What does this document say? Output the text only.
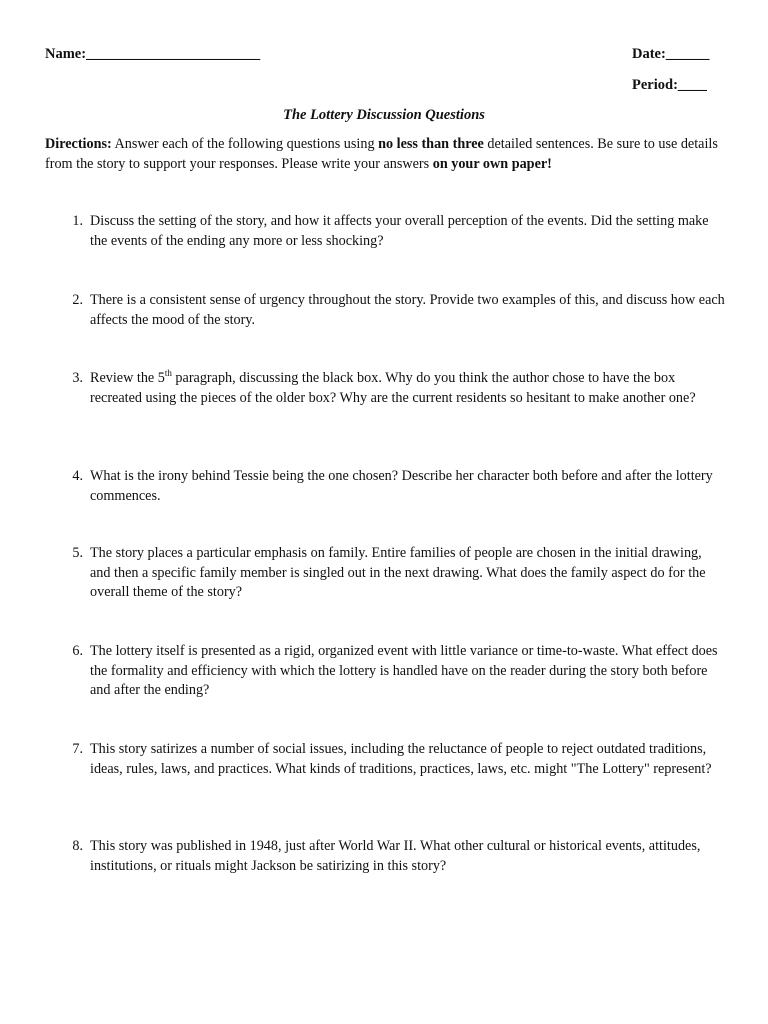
Name:________________________	Date:______
Period:____
The Lottery Discussion Questions
Directions: Answer each of the following questions using no less than three detailed sentences. Be sure to use details from the story to support your responses. Please write your answers on your own paper!
1. Discuss the setting of the story, and how it affects your overall perception of the events. Did the setting make the events of the ending any more or less shocking?
2. There is a consistent sense of urgency throughout the story. Provide two examples of this, and discuss how each affects the mood of the story.
3. Review the 5th paragraph, discussing the black box. Why do you think the author chose to have the box recreated using the pieces of the older box? Why are the current residents so hesitant to make another one?
4. What is the irony behind Tessie being the one chosen? Describe her character both before and after the lottery commences.
5. The story places a particular emphasis on family. Entire families of people are chosen in the initial drawing, and then a specific family member is singled out in the next drawing. What does the family aspect do for the overall theme of the story?
6. The lottery itself is presented as a rigid, organized event with little variance or time-to-waste. What effect does the formality and efficiency with which the lottery is handled have on the reader during the story both before and after the ending?
7. This story satirizes a number of social issues, including the reluctance of people to reject outdated traditions, ideas, rules, laws, and practices. What kinds of traditions, practices, laws, etc. might "The Lottery" represent?
8. This story was published in 1948, just after World War II. What other cultural or historical events, attitudes, institutions, or rituals might Jackson be satirizing in this story?
